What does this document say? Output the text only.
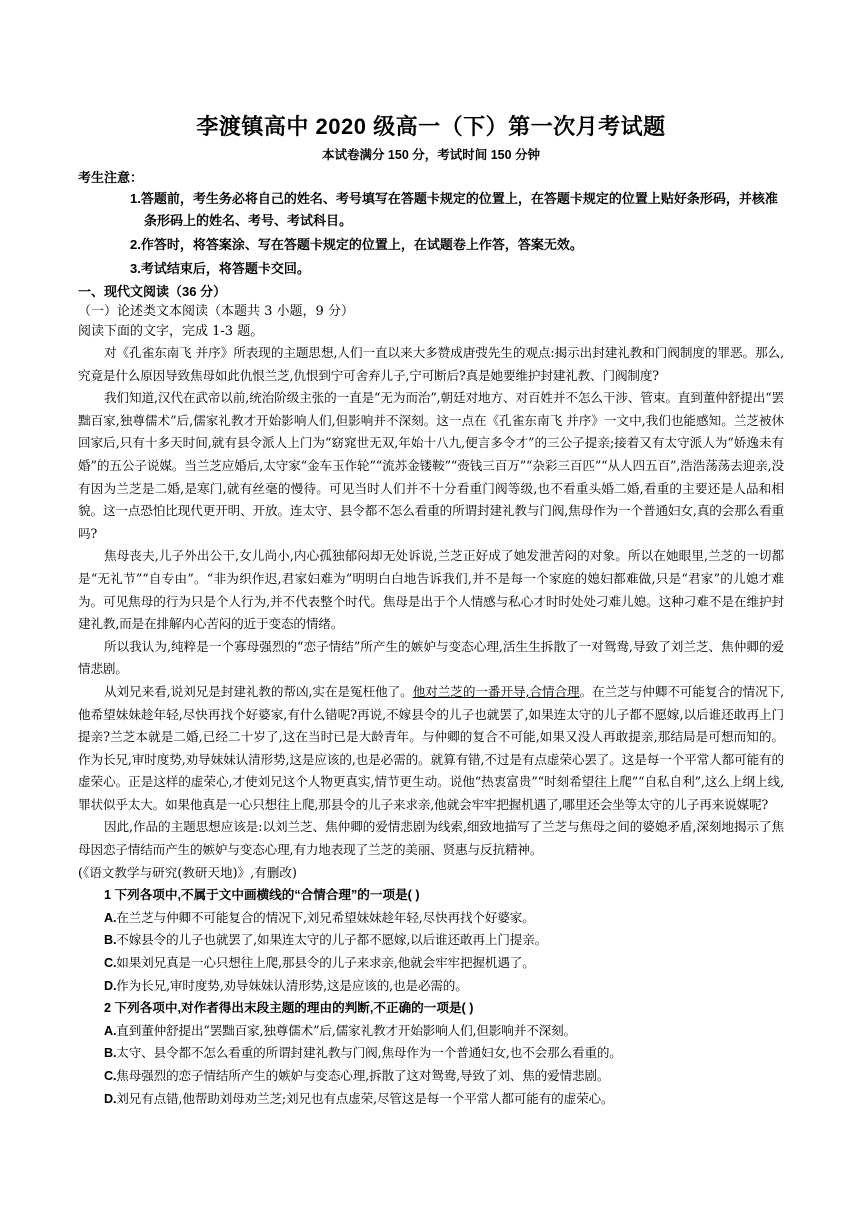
李渡镇高中 2020 级高一（下）第一次月考试题
本试卷满分 150 分，考试时间 150 分钟
考生注意：
1.答题前，考生务必将自己的姓名、考号填写在答题卡规定的位置上，在答题卡规定的位置上贴好条形码，并核准条形码上的姓名、考号、考试科目。
2.作答时，将答案涂、写在答题卡规定的位置上，在试题卷上作答，答案无效。
3.考试结束后，将答题卡交回。
一、现代文阅读（36 分）
（一）论述类文本阅读（本题共 3 小题，9 分）
阅读下面的文字，完成 1-3 题。
对《孔雀东南飞 并序》所表现的主题思想,人们一直以来大多赞成唐弢先生的观点:揭示出封建礼教和门阀制度的罪恶。那么,究竟是什么原因导致焦母如此仇恨兰芝,仇恨到宁可舍弃儿子,宁可断后?真是她要维护封建礼教、门阀制度?
我们知道,汉代在武帝以前,统治阶级主张的一直是“无为而治”,朝廷对地方、对百姓并不怎么干涉、管束。直到董仲舒提出“罢黜百家,独尊儒术”后,儒家礼教才开始影响人们,但影响并不深刻。这一点在《孔雀东南飞 并序》一文中,我们也能感知。兰芝被休回家后,只有十多天时间,就有县令派人上门为“窈窕世无双,年始十八九,便言多令才”的三公子提亲;接着又有太守派人为“娇逸未有婚”的五公子说媒。当兰芝应婚后,太守家“金车玉作轮”“流苏金镂鞍”“赍钱三百万”“杂彩三百匹”“从人四五百”,浩浩荡荡去迎亲,没有因为兰芝是二婚,是寒门,就有丝毫的慢待。可见当时人们并不十分看重门阀等级,也不看重头婚二婚,看重的主要还是人品和相貌。这一点恐怕比现代更开明、开放。连太守、县令都不怎么看重的所谓封建礼教与门阀,焦母作为一个普通妇女,真的会那么看重吗?
焦母丧夫,儿子外出公干,女儿尚小,内心孤独郁闷却无处诉说,兰芝正好成了她发泄苦闷的对象。所以在她眼里,兰芝的一切都是“无礼节”“自专由”。“非为织作迟,君家妇难为”明明白白地告诉我们,并不是每一个家庭的媳妇都难做,只是“君家”的儿媳才难为。可见焦母的行为只是个人行为,并不代表整个时代。焦母是出于个人情感与私心才时时处处刁难儿媳。这种刁难不是在维护封建礼教,而是在排解内心苦闷的近于变态的情绪。
所以我认为,纯粹是一个寡母强烈的“恋子情结”所产生的嫉妒与变态心理,活生生拆散了一对鸳鸯,导致了刘兰芝、焦仲卿的爱情悲剧。
从刘兄来看,说刘兄是封建礼教的帮凶,实在是冤枉他了。他对兰芝的一番开导,合情合理。在兰芝与仲卿不可能复合的情况下,他希望妹妹趁年轻,尽快再找个好婆家,有什么错呢?再说,不嫁县令的儿子也就罢了,如果连太守的儿子都不愿嫁,以后谁还敢再上门提亲?兰芝本就是二婚,已经二十岁了,这在当时已是大龄青年。与仲卿的复合不可能,如果又没人再敢提亲,那结局是可想而知的。作为长兄,审时度势,劝导妹妹认清形势,这是应该的,也是必需的。就算有错,不过是有点虚荣心罢了。这是每一个平常人都可能有的虚荣心。正是这样的虚荣心,才使刘兄这个人物更真实,情节更生动。说他“热衷富贵”“时刻希望往上爬”“自私自利”,这么上纲上线,罪状似乎太大。如果他真是一心只想往上爬,那县令的儿子来求亲,他就会牢牢把握机遇了,哪里还会坐等太守的儿子再来说媒呢?
因此,作品的主题思想应该是:以刘兰芝、焦仲卿的爱情悲剧为线索,细致地描写了兰芝与焦母之间的婆媳矛盾,深刻地揭示了焦母因恋子情结而产生的嫉妒与变态心理,有力地表现了兰芝的美丽、贤惠与反抗精神。
(《语文教学与研究(教研天地)》,有删改)
1 下列各项中,不属于文中画横线的“合情合理”的一项是( )
A.在兰芝与仲卿不可能复合的情况下,刘兄希望妹妹趁年轻,尽快再找个好婆家。
B.不嫁县令的儿子也就罢了,如果连太守的儿子都不愿嫁,以后谁还敢再上门提亲。
C.如果刘兄真是一心只想往上爬,那县令的儿子来求亲,他就会牢牢把握机遇了。
D.作为长兄,审时度势,劝导妹妹认清形势,这是应该的,也是必需的。
2 下列各项中,对作者得出末段主题的理由的判断,不正确的一项是( )
A.直到董仲舒提出“罢黜百家,独尊儒术”后,儒家礼教才开始影响人们,但影响并不深刻。
B.太守、县令都不怎么看重的所谓封建礼教与门阀,焦母作为一个普通妇女,也不会那么看重的。
C.焦母强烈的恋子情结所产生的嫉妒与变态心理,拆散了这对鸳鸯,导致了刘、焦的爱情悲剧。
D.刘兄有点错,他帮助刘母劝兰芝;刘兄也有点虚荣,尽管这是每一个平常人都可能有的虚荣心。
